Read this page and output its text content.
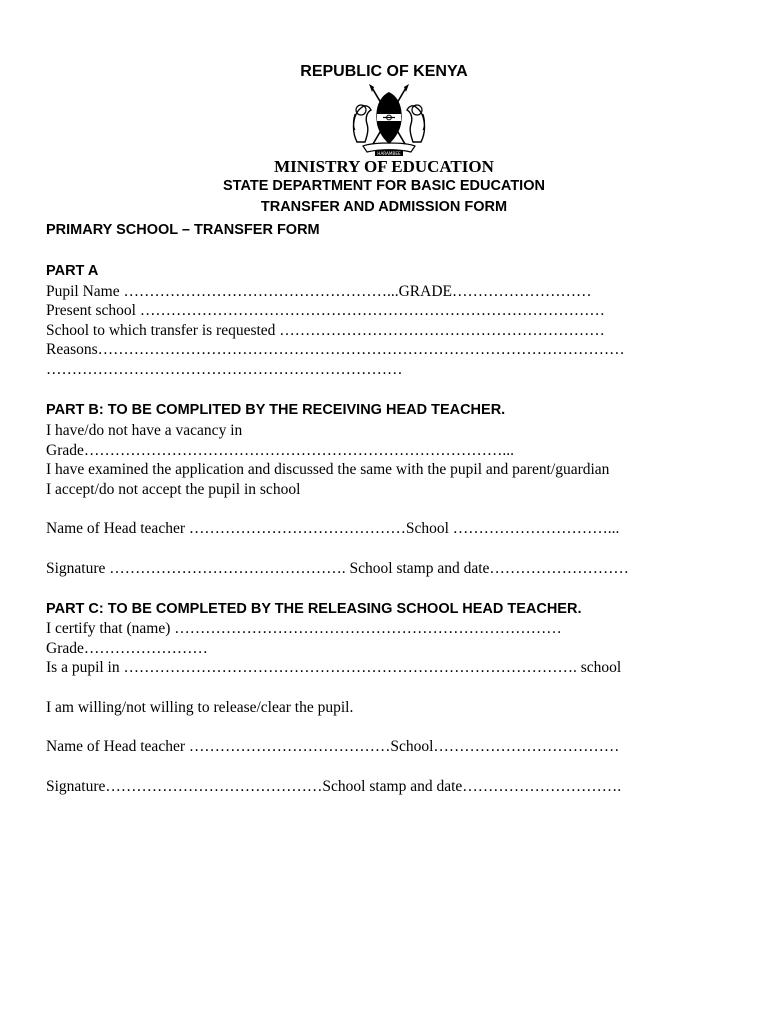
REPUBLIC OF KENYA
HARAMBEE
MINISTRY OF EDUCATION
STATE DEPARTMENT FOR BASIC EDUCATION
TRANSFER AND ADMISSION FORM
PRIMARY SCHOOL – TRANSFER FORM
PART A
Pupil Name ……………………………………………...GRADE………………………
Present school ………………………………………………………………………………
School to which transfer is requested ………………………………………………………
Reasons…………………………………………………………………………………………
……………………………………………………………
PART B: TO BE COMPLITED BY THE RECEIVING HEAD TEACHER.
I have/do not have a vacancy in
Grade………………………………………………………………………...
I have examined the application and discussed the same with the pupil and parent/guardian
I accept/do not accept the pupil in school
Name of Head teacher ……………………………………School …………………………...
Signature ………………………………………. School stamp and date………………………
PART C: TO BE COMPLETED BY THE RELEASING SCHOOL HEAD TEACHER.
I certify that (name) …………………………………………………………………
Grade……………………
Is a pupil in ……………………………………………………………………………. school
I am willing/not willing to release/clear the pupil.
Name of Head teacher …………………………………School………………………………
Signature……………………………………School stamp and date………………………….
